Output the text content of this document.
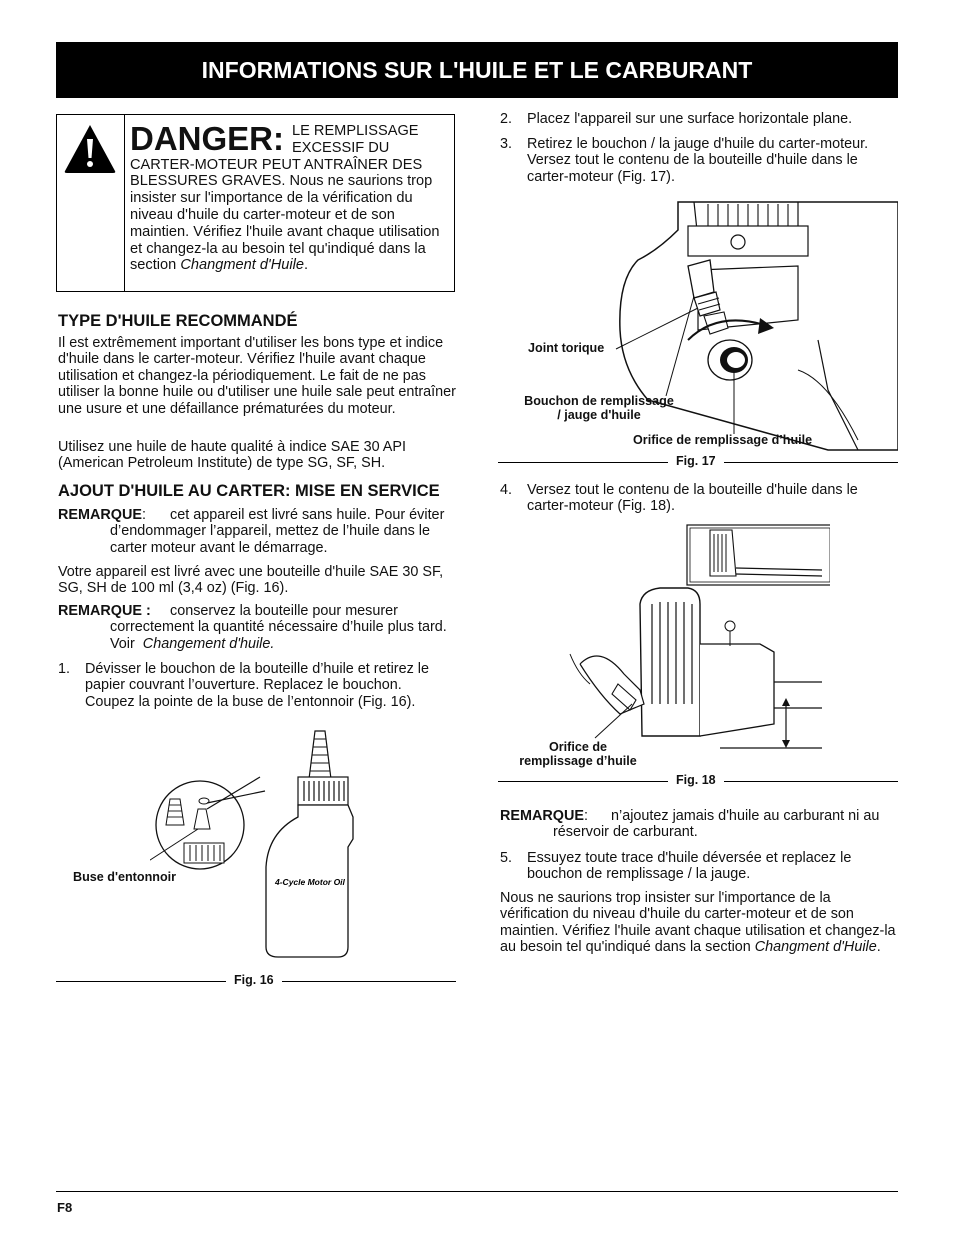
INFORMATIONS SUR L'HUILE ET LE CARBURANT
DANGER: LE REMPLISSAGE
EXCESSIF DU
CARTER-MOTEUR PEUT ANTRAÎNER DES BLESSURES GRAVES. Nous ne saurions trop insister sur l'importance de la vérification du niveau d'huile du carter-moteur et de son maintien. Vérifiez l'huile avant chaque utilisation et changez-la au besoin tel qu'indiqué dans la section Changment d'Huile.
TYPE D'HUILE RECOMMANDÉ
Il est extrêmement important d'utiliser les bons type et indice d'huile dans le carter-moteur. Vérifiez l'huile avant chaque utilisation et changez-la périodiquement. Le fait de ne pas utiliser la bonne huile ou d'utiliser une huile sale peut entraîner une usure et une défaillance prématurées du moteur.
Utilisez une huile de haute qualité à indice SAE 30 API (American Petroleum Institute) de type SG, SF, SH.
AJOUT D'HUILE AU CARTER: MISE EN SERVICE
REMARQUE:	cet appareil est livré sans huile. Pour éviter d’endommager l’appareil, mettez de l’huile dans le carter moteur avant le démarrage.
Votre appareil est livré avec une bouteille d'huile SAE 30 SF, SG, SH de 100 ml (3,4 oz) (Fig. 16).
REMARQUE :	conservez la bouteille pour mesurer correctement la quantité nécessaire d’huile plus tard. Voir Changement d'huile.
1.	Dévisser le bouchon de la bouteille d’huile et retirez le papier couvrant l’ouverture. Replacez le bouchon. Coupez la pointe de la buse de l’entonnoir (Fig. 16).
4-Cycle Motor Oil
Buse d'entonnoir
Fig. 16
2.	Placez l'appareil sur une surface horizontale plane.
3.	Retirez le bouchon / la jauge d'huile du carter-moteur. Versez tout le contenu de la bouteille d'huile dans le carter-moteur (Fig. 17).
Joint torique
Bouchon de remplissage
/ jauge d'huile
Orifice de remplissage d’huile
Fig. 17
4.	Versez tout le contenu de la bouteille d'huile dans le carter-moteur (Fig. 18).
Orifice de
remplissage d’huile
Fig. 18
REMARQUE:	n’ajoutez jamais d'huile au carburant ni au réservoir de carburant.
5.	Essuyez toute trace d'huile déversée et replacez le bouchon de remplissage / la jauge.
Nous ne saurions trop insister sur l'importance de la vérification du niveau d'huile du carter-moteur et de son maintien. Vérifiez l'huile avant chaque utilisation et changez-la au besoin tel qu'indiqué dans la section Changment d'Huile.
F8
